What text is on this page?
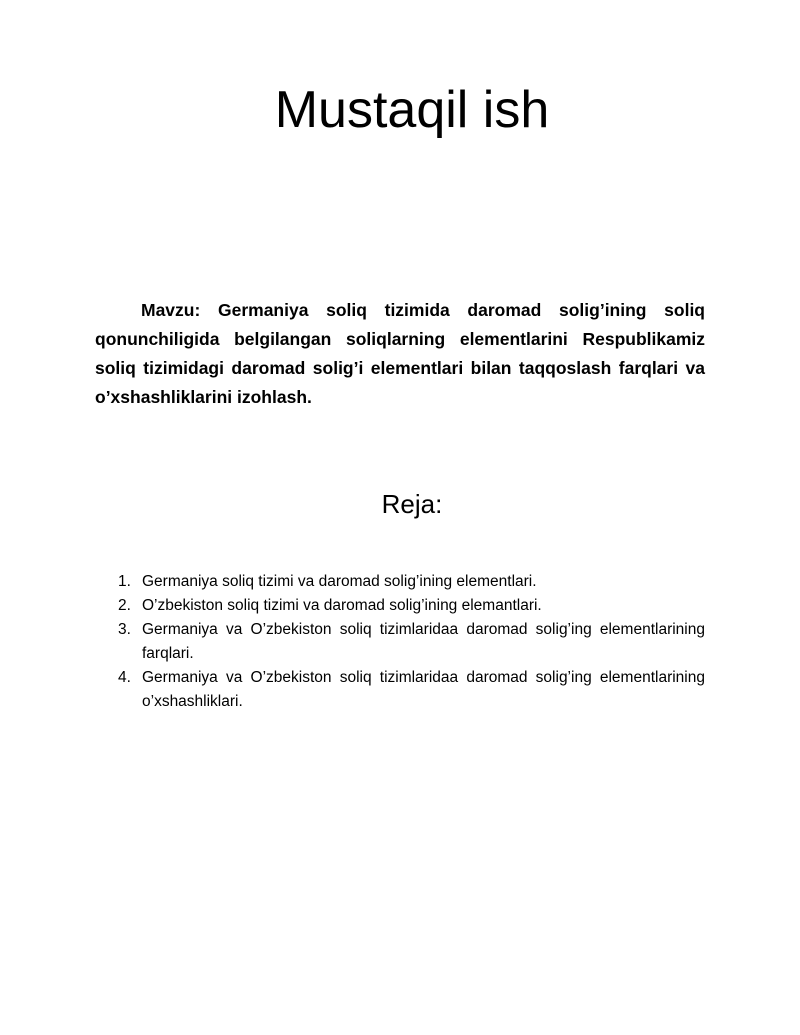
Mustaqil ish

Mavzu: Germaniya soliq tizimida daromad solig’ining soliq qonunchiligida belgilangan soliqlarning elementlarini Respublikamiz soliq tizimidagi daromad solig’i elementlari bilan taqqoslash farqlari va o’xshashliklarini izohlash.

Reja:
1. Germaniya soliq tizimi va daromad solig’ining elementlari.
2. O’zbekiston soliq tizimi va daromad solig’ining elemantlari.
3. Germaniya va O’zbekiston soliq tizimlaridaa daromad solig’ing elementlarining farqlari.
4. Germaniya va O’zbekiston soliq tizimlaridaa daromad solig’ing elementlarining o’xshashliklari.
